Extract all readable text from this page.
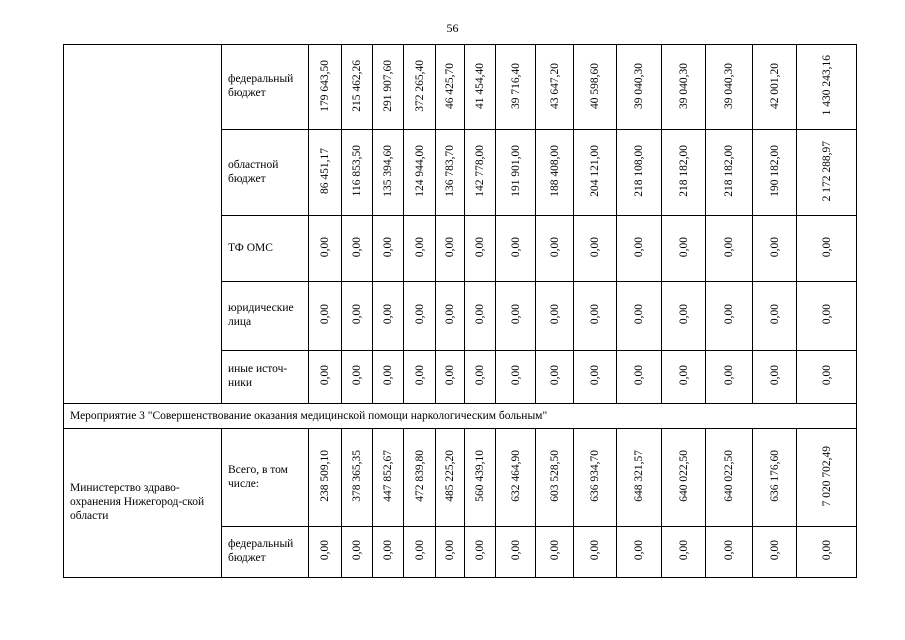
56
	федеральный бюджет	179 643,50	215 462,26	291 907,60	372 265,40	46 425,70	41 454,40	39 716,40	43 647,20	40 598,60	39 040,30	39 040,30	39 040,30	42 001,20	1 430 243,16
	областной бюджет	86 451,17	116 853,50	135 394,60	124 944,00	136 783,70	142 778,00	191 901,00	188 408,00	204 121,00	218 108,00	218 182,00	218 182,00	190 182,00	2 172 288,97
	ТФ ОМС	0,00	0,00	0,00	0,00	0,00	0,00	0,00	0,00	0,00	0,00	0,00	0,00	0,00	0,00
	юридические лица	0,00	0,00	0,00	0,00	0,00	0,00	0,00	0,00	0,00	0,00	0,00	0,00	0,00	0,00
	иные источ-ники	0,00	0,00	0,00	0,00	0,00	0,00	0,00	0,00	0,00	0,00	0,00	0,00	0,00	0,00
Мероприятие 3 "Совершенствование оказания медицинской помощи наркологическим больным"															
Министерство здраво-охранения Нижегород-ской области	Всего, в том числе:	238 509,10	378 365,35	447 852,67	472 839,80	485 225,20	560 439,10	632 464,90	603 528,50	636 934,70	648 321,57	640 022,50	640 022,50	636 176,60	7 020 702,49
	федеральный бюджет	0,00	0,00	0,00	0,00	0,00	0,00	0,00	0,00	0,00	0,00	0,00	0,00	0,00	0,00
